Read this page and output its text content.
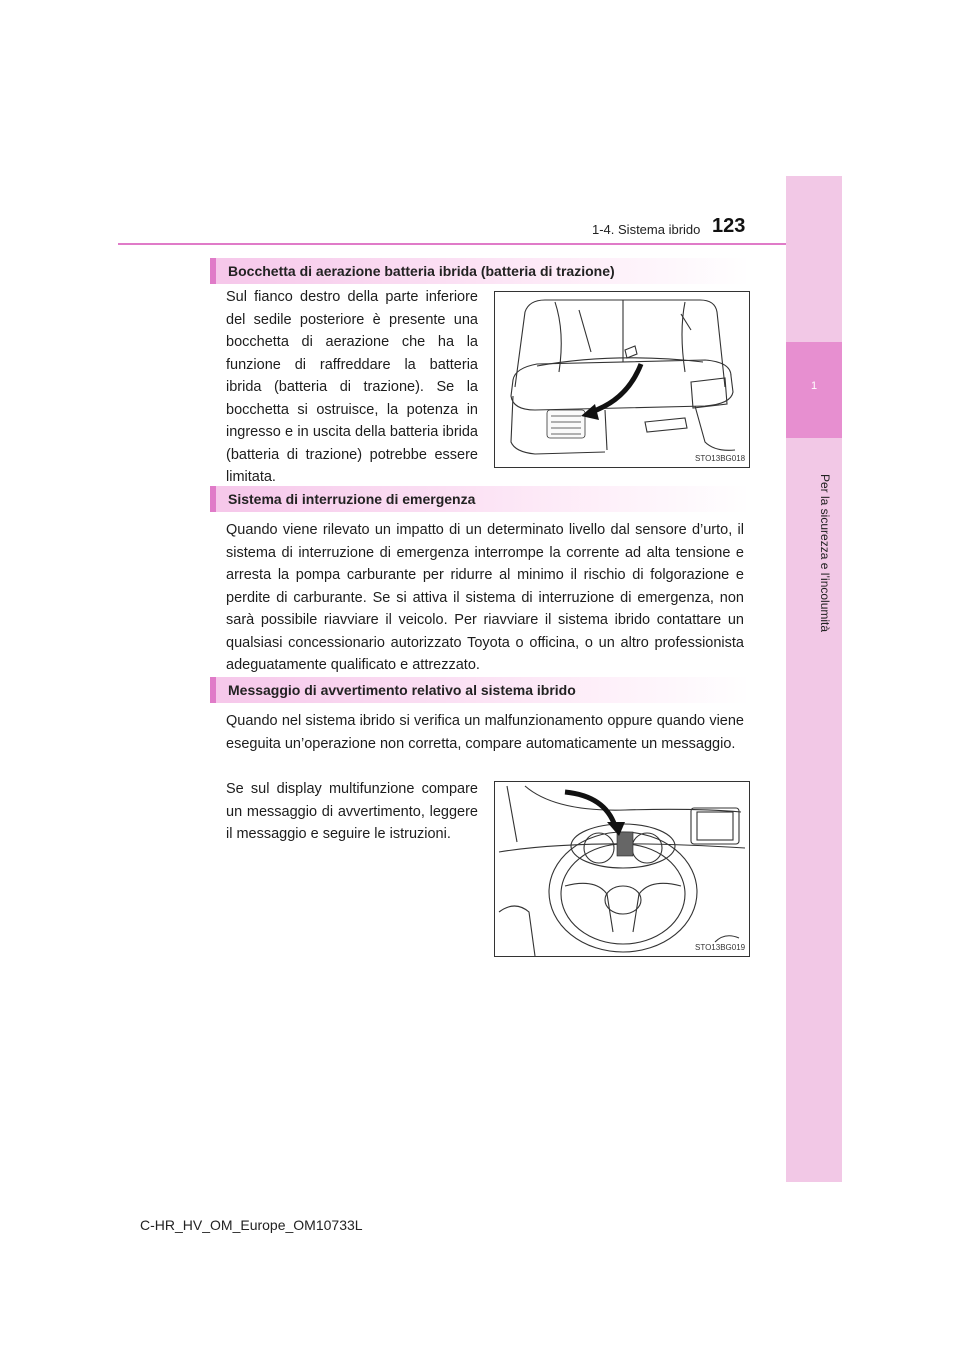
1
Per la sicurezza e l’incolumità
1-4. Sistema ibrido 123
Bocchetta di aerazione batteria ibrida (batteria di trazione)
Sul fianco destro della parte inferiore del sedile posteriore è presente una bocchetta di aerazione che ha la funzione di raffreddare la batteria ibrida (batteria di trazione). Se la bocchetta si ostruisce, la potenza in ingresso e in uscita della batteria ibrida (batteria di trazione) potrebbe essere limitata.
STO13BG018
Sistema di interruzione di emergenza
Quando viene rilevato un impatto di un determinato livello dal sensore d’urto, il sistema di interruzione di emergenza interrompe la corrente ad alta tensione e arresta la pompa carburante per ridurre al minimo il rischio di folgorazione e perdite di carburante. Se si attiva il sistema di interruzione di emergenza, non sarà possibile riavviare il veicolo. Per riavviare il sistema ibrido contattare un qualsiasi concessionario autorizzato Toyota o officina, o un altro professionista adeguatamente qualificato e attrezzato.
Messaggio di avvertimento relativo al sistema ibrido
Quando nel sistema ibrido si verifica un malfunzionamento oppure quando viene eseguita un’operazione non corretta, compare automaticamente un messaggio.
Se sul display multifunzione compare un messaggio di avvertimento, leggere il messaggio e seguire le istruzioni.
STO13BG019
C-HR_HV_OM_Europe_OM10733L
